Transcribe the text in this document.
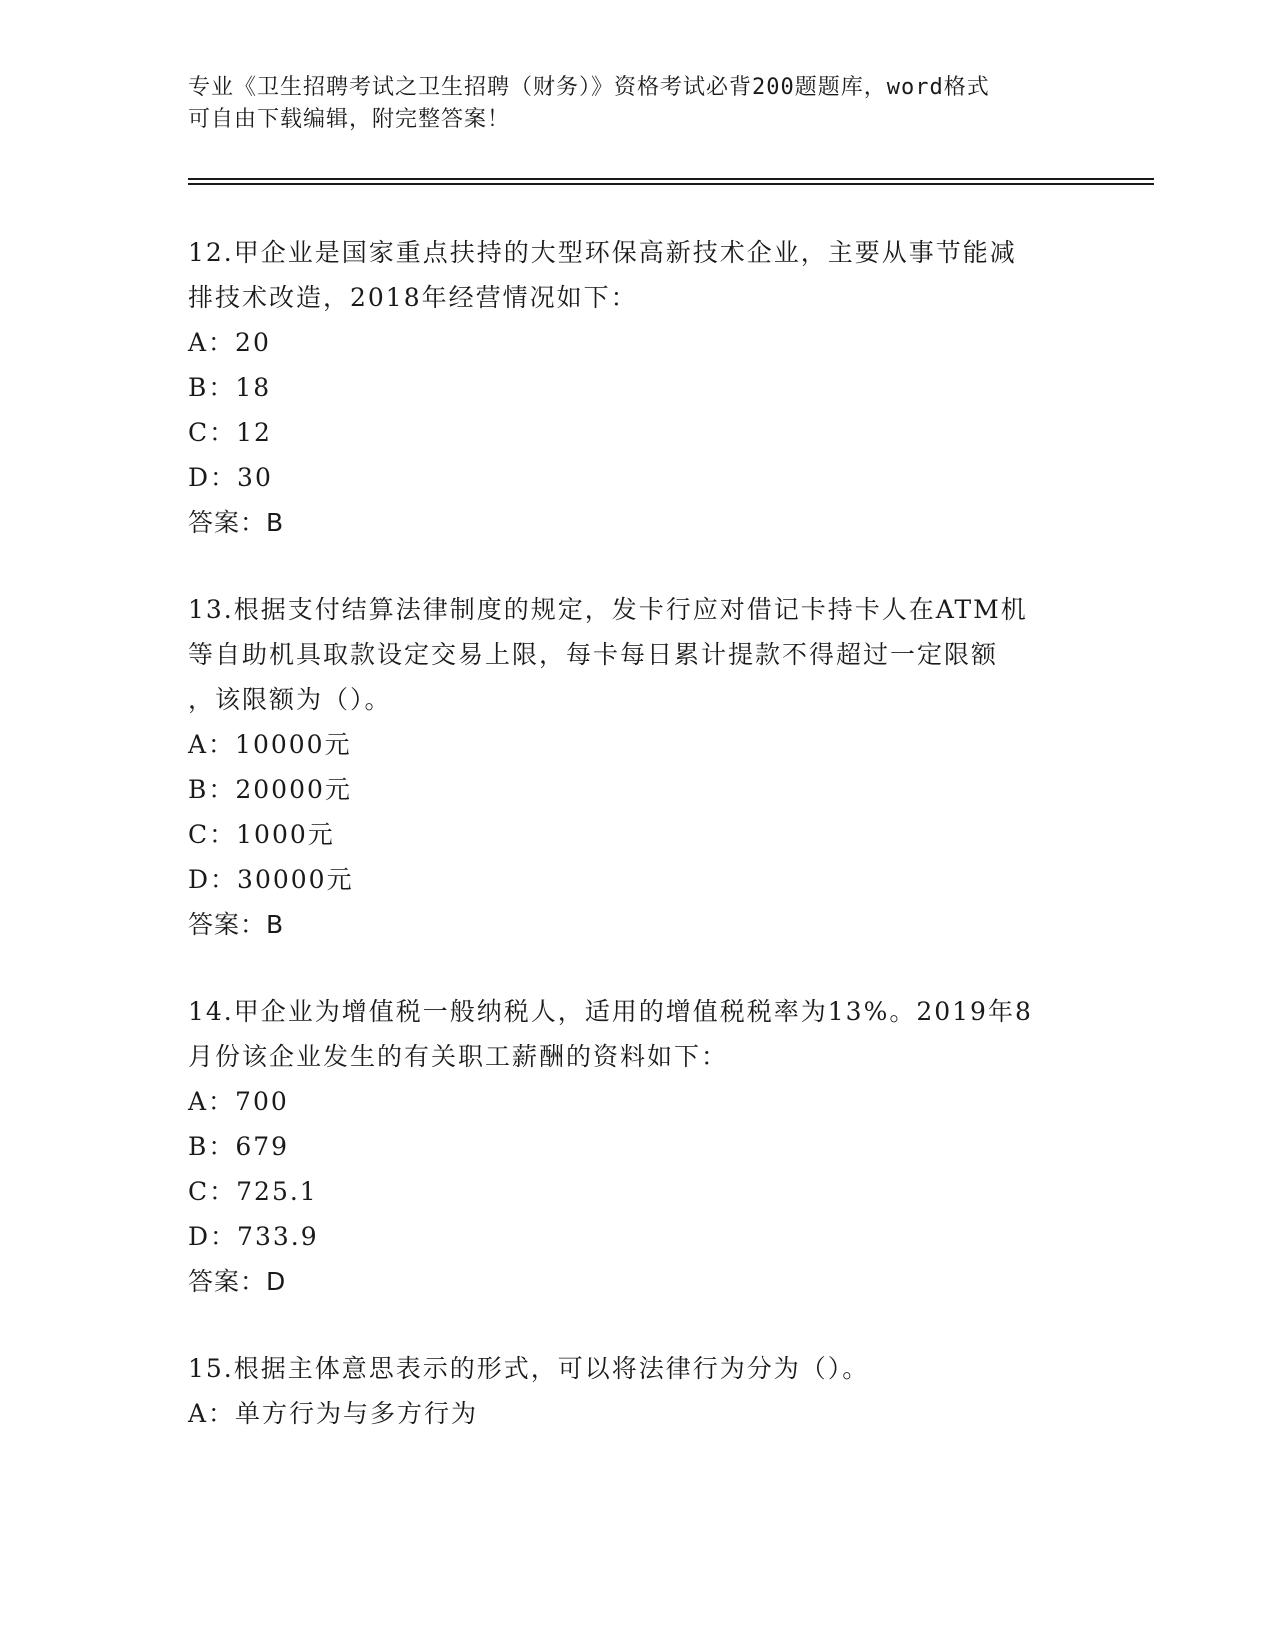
专业《卫生招聘考试之卫生招聘（财务）》资格考试必背200题题库，word格式
可自由下载编辑，附完整答案！

12.甲企业是国家重点扶持的大型环保高新技术企业，主要从事节能减

排技术改造，2018年经营情况如下：

A：20

B：18

C：12

D：30

答案：B

13.根据支付结算法律制度的规定，发卡行应对借记卡持卡人在ATM机

等自助机具取款设定交易上限，每卡每日累计提款不得超过一定限额

，该限额为（）。

A：10000元

B：20000元

C：1000元

D：30000元

答案：B

14.甲企业为增值税一般纳税人，适用的增值税税率为13%。2019年8

月份该企业发生的有关职工薪酬的资料如下：

A：700

B：679

C：725.1

D：733.9

答案：D

15.根据主体意思表示的形式，可以将法律行为分为（）。

A：单方行为与多方行为
